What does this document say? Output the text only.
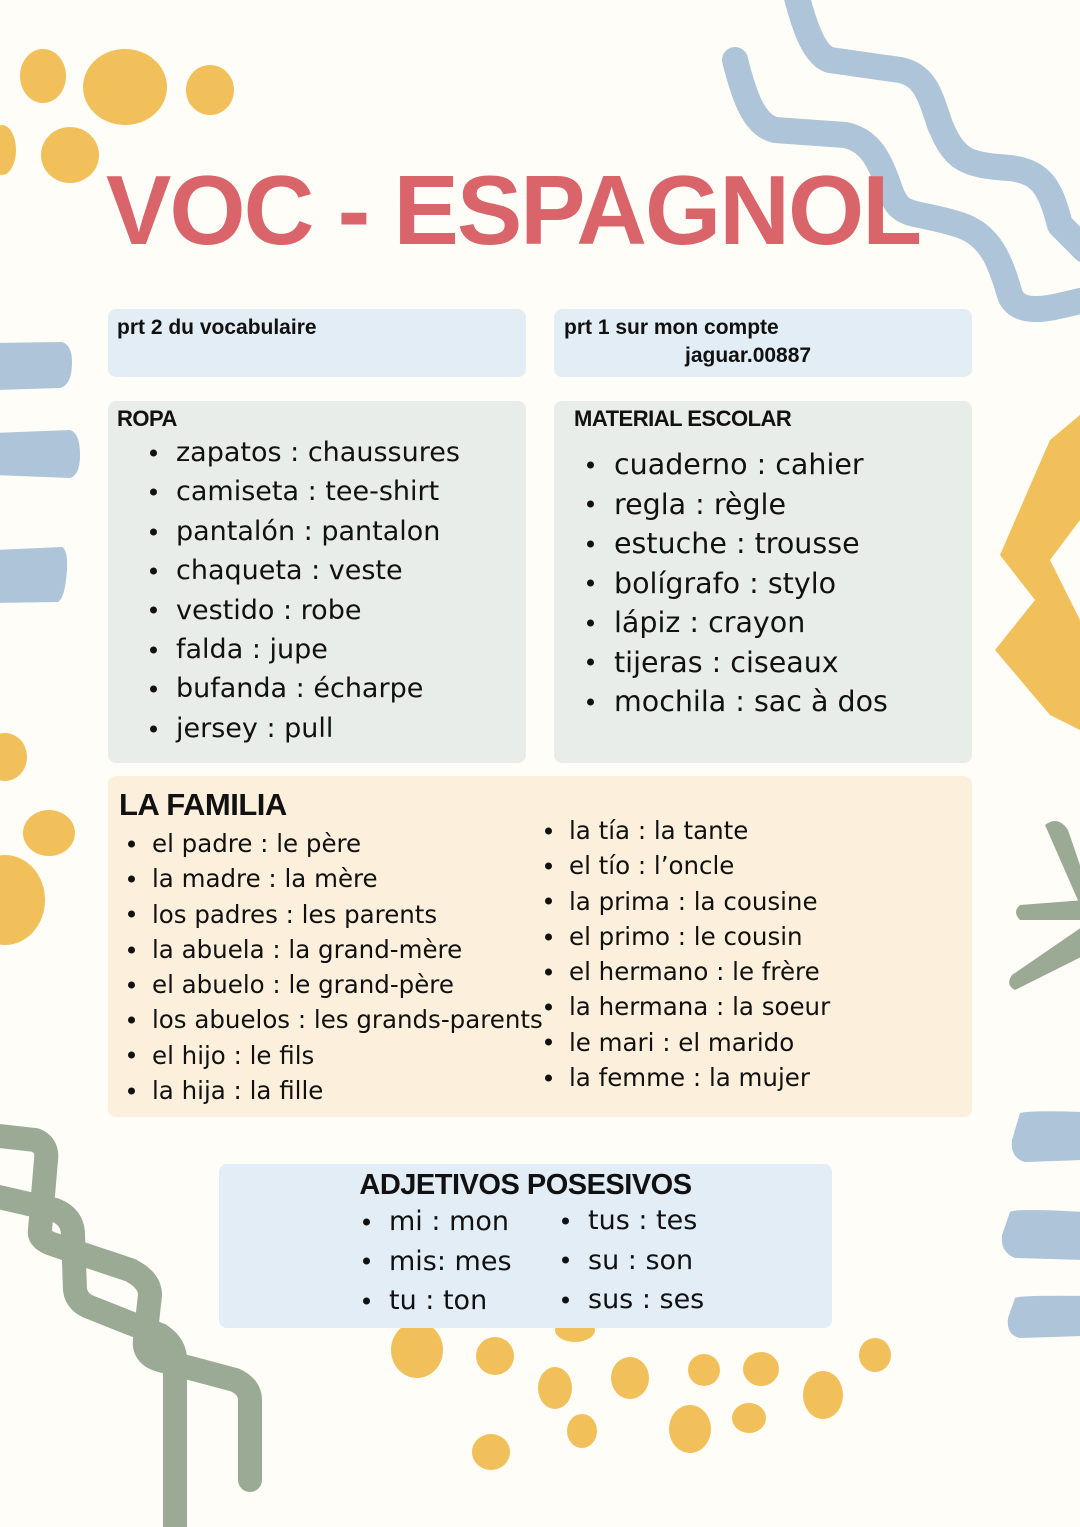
VOC - ESPAGNOL
prt 2 du vocabulaire	prt 1 sur mon compte
jaguar.00887
ROPA
zapatos : chaussures
camiseta : tee-shirt
pantalón : pantalon
chaqueta : veste
vestido : robe
falda : jupe
bufanda : écharpe
jersey : pull
MATERIAL ESCOLAR
cuaderno : cahier
regla : règle
estuche : trousse
bolígrafo : stylo
lápiz : crayon
tijeras : ciseaux
mochila : sac à dos
LA FAMILIA
el padre : le père
la madre : la mère
los padres : les parents
la abuela : la grand-mère
el abuelo : le grand-père
los abuelos : les grands-parents
el hijo : le fils
la hija : la fille
la tía : la tante
el tío : l’oncle
la prima : la cousine
el primo : le cousin
el hermano : le frère
la hermana : la soeur
le mari : el marido
la femme : la mujer
ADJETIVOS POSESIVOS
mi : mon
mis: mes
tu : ton
tus : tes
su : son
sus : ses
